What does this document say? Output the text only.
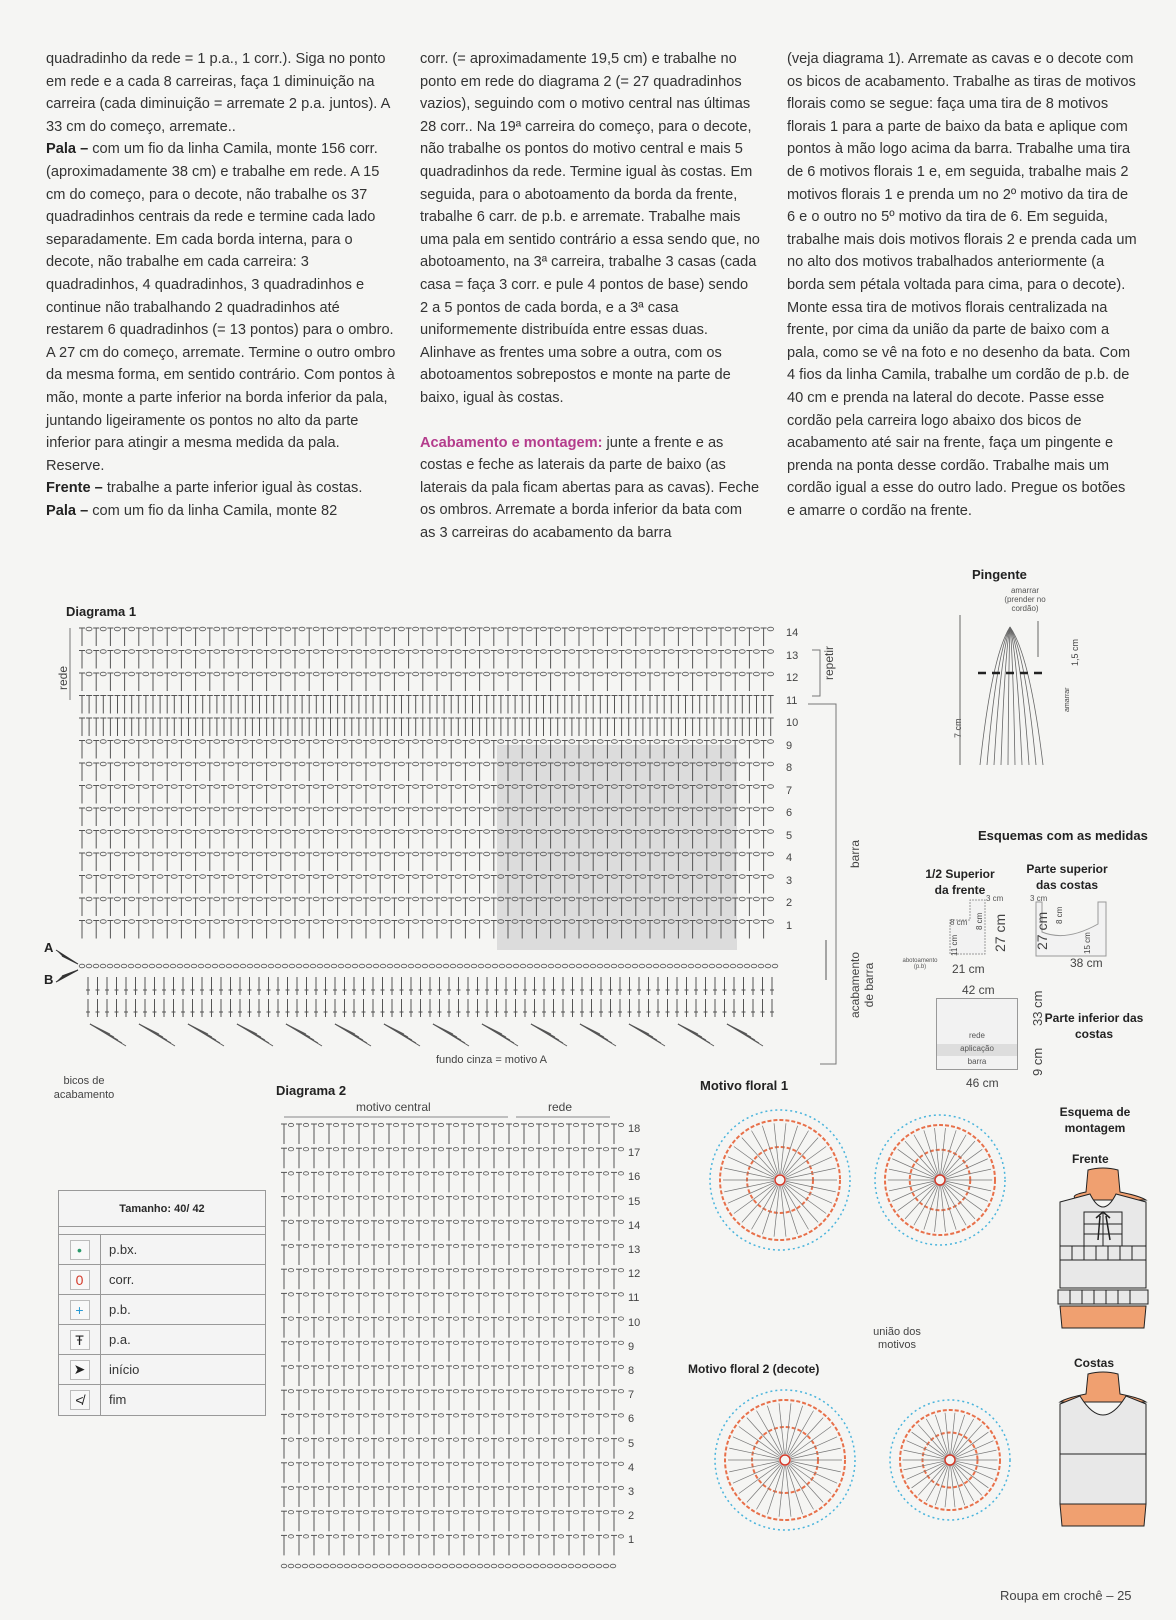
quadradinho da rede = 1 p.a., 1 corr.). Siga no ponto em rede e a cada 8 carreiras, faça 1 diminuição na carreira (cada diminuição = arremate 2 p.a. juntos). A 33 cm do começo, arremate..

Pala – com um fio da linha Camila, monte 156 corr. (aproximadamente 38 cm) e trabalhe em rede. A 15 cm do começo, para o decote, não trabalhe os 37 quadradinhos centrais da rede e termine cada lado separadamente. Em cada borda interna, para o decote, não trabalhe em cada carreira: 3 quadradinhos, 4 quadradinhos, 3 quadradinhos e continue não trabalhando 2 quadradinhos até restarem 6 quadradinhos (= 13 pontos) para o ombro. A 27 cm do começo, arremate. Termine o outro ombro da mesma forma, em sentido contrário. Com pontos à mão, monte a parte inferior na borda inferior da pala, juntando ligeiramente os pontos no alto da parte inferior para atingir a mesma medida da pala. Reserve.

Frente – trabalhe a parte inferior igual às costas.

Pala – com um fio da linha Camila, monte 82

corr. (= aproximadamente 19,5 cm) e trabalhe no ponto em rede do diagrama 2 (= 27 quadradinhos vazios), seguindo com o motivo central nas últimas 28 corr.. Na 19ª carreira do começo, para o decote, não trabalhe os pontos do motivo central e mais 5 quadradinhos da rede. Termine igual às costas. Em seguida, para o abotoamento da borda da frente, trabalhe 6 carr. de p.b. e arremate. Trabalhe mais uma pala em sentido contrário a essa sendo que, no abotoamento, na 3ª carreira, trabalhe 3 casas (cada casa = faça 3 corr. e pule 4 pontos de base) sendo 2 a 5 pontos de cada borda, e a 3ª casa uniformemente distribuída entre essas duas. Alinhave as frentes uma sobre a outra, com os abotoamentos sobrepostos e monte na parte de baixo, igual às costas.

Acabamento e montagem: junte a frente e as costas e feche as laterais da parte de baixo (as laterais da pala ficam abertas para as cavas). Feche os ombros. Arremate a borda inferior da bata com as 3 carreiras do acabamento da barra

(veja diagrama 1). Arremate as cavas e o decote com os bicos de acabamento. Trabalhe as tiras de motivos florais como se segue: faça uma tira de 8 motivos florais 1 para a parte de baixo da bata e aplique com pontos à mão logo acima da barra. Trabalhe uma tira de 6 motivos florais 1 e, em seguida, trabalhe mais 2 motivos florais 1 e prenda um no 2º motivo da tira de 6 e o outro no 5º motivo da tira de 6. Em seguida, trabalhe mais dois motivos florais 2 e prenda cada um no alto dos motivos trabalhados anteriormente (a borda sem pétala voltada para cima, para o decote). Monte essa tira de motivos florais centralizada na frente, por cima da união da parte de baixo com a pala, como se vê na foto e no desenho da bata. Com 4 fios da linha Camila, trabalhe um cordão de p.b. de 40 cm e prenda na lateral do decote. Passe esse cordão pela carreira logo abaixo dos bicos de acabamento até sair na frente, faça um pingente e prenda na ponta desse cordão. Trabalhe mais um cordão igual a esse do outro lado. Pregue os botões e amarre o cordão na frente.

Diagrama 1
rede	repetir
barra
acabamento de barra
A
B
bicos de acabamento
fundo cinza = motivo A
14
13
12
11
10
9
8
7
6
5
4
3
2
1
Diagrama 2
motivo central	rede
18
17
16
15
14
13
12
11
10
9
8
7
6
5
4
3
2
1
Tamanho: 40/ 42
•	p.bx.
0	corr.
+	p.b.
Ŧ	p.a.
➤	início
≮	fim
Pingente
amarrar (prender no cordão)
1,5 cm
amarrar
7 cm
Esquemas com as medidas
1/2 Superior da frente
Parte superior das costas
3 cm
8 cm
11 cm
8 cm 27 cm
abotoamento (p.b)	21 cm
3 cm
27 cm 8 cm
15 cm
38 cm
42 cm
rede
aplicação
barra
33 cm
9 cm
46 cm
Parte inferior das costas
Motivo floral 1
união dos motivos
Motivo floral 2 (decote)
Esquema de montagem
Frente
Costas
Roupa em crochê – 25
